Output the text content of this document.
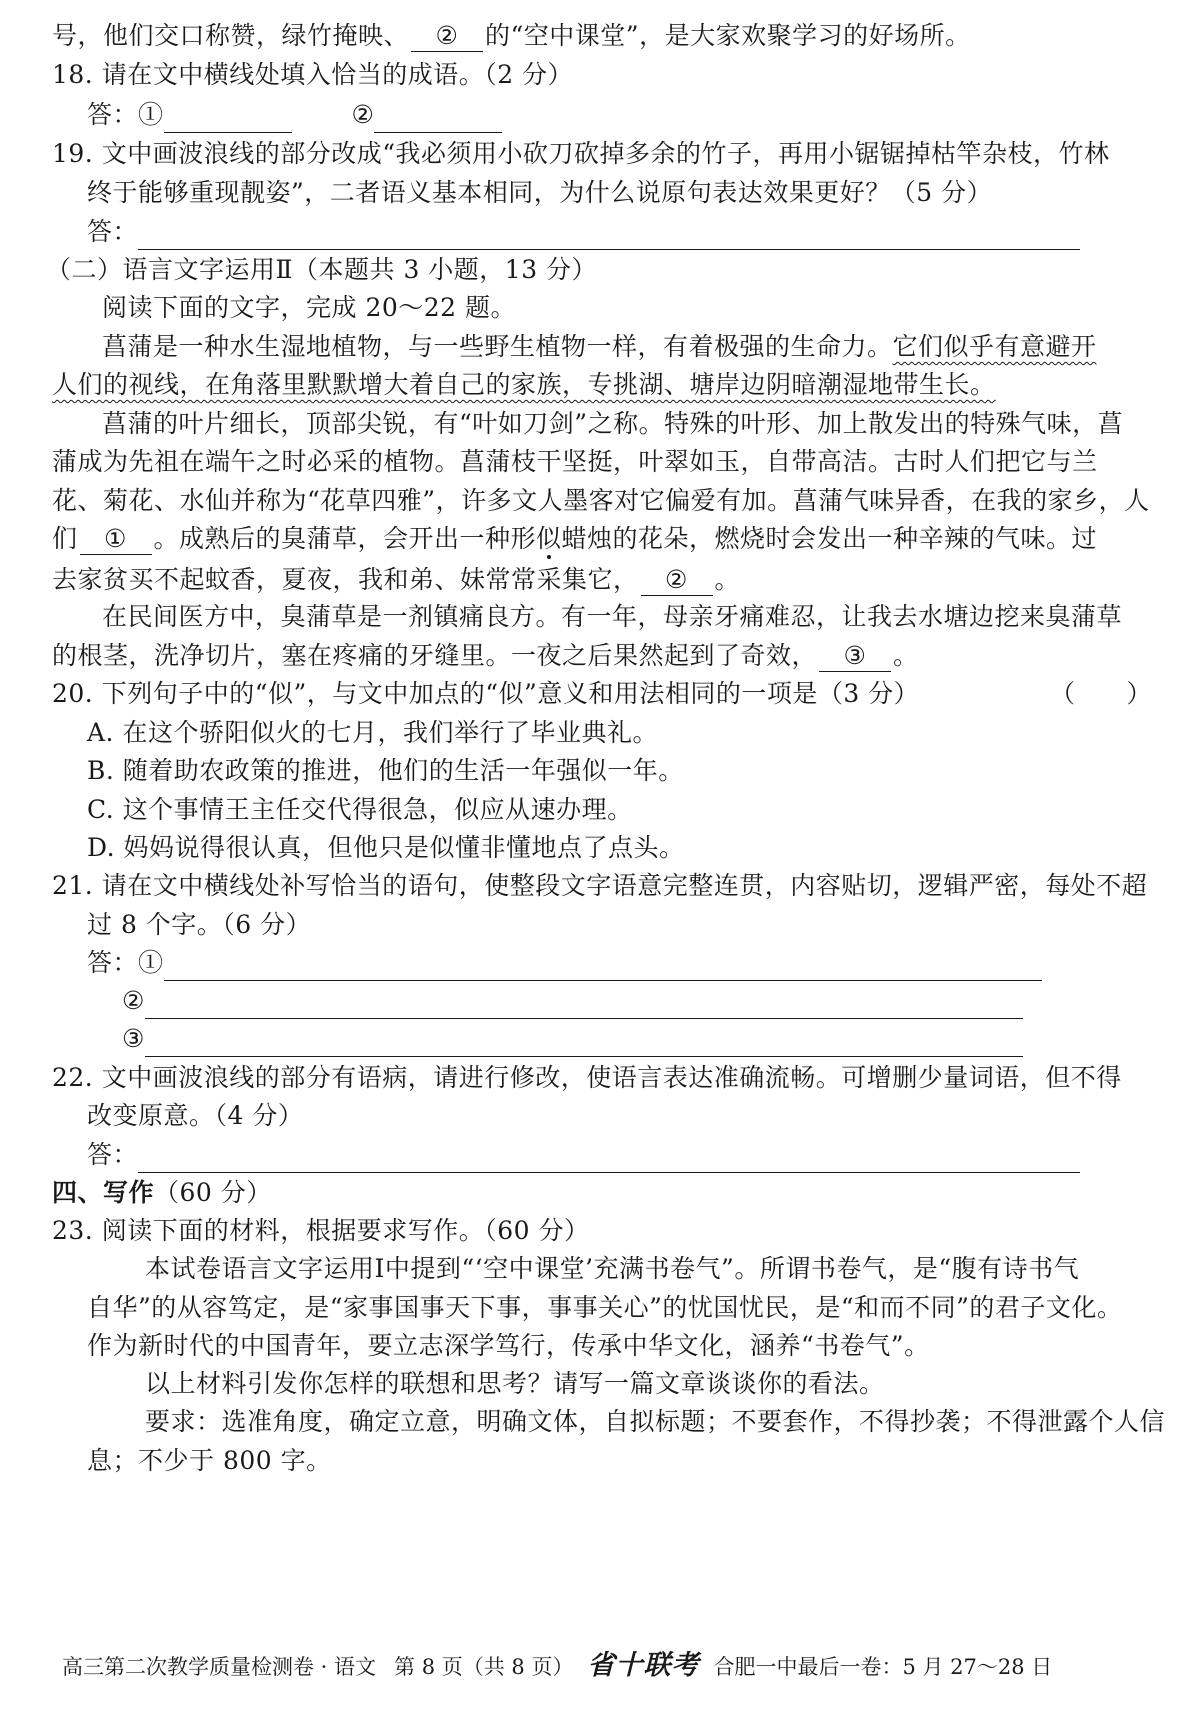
号，他们交口称赞，绿竹掩映、 ② 的“空中课堂”，是大家欢聚学习的好场所。
18. 请在文中横线处填入恰当的成语。（2 分）
答：①	②
19. 文中画波浪线的部分改成“我必须用小砍刀砍掉多余的竹子，再用小锯锯掉枯竿杂枝，竹林
终于能够重现靓姿”，二者语义基本相同，为什么说原句表达效果更好？（5 分）
答：
（二）语言文字运用Ⅱ（本题共 3 小题，13 分）
阅读下面的文字，完成 20～22 题。
菖蒲是一种水生湿地植物，与一些野生植物一样，有着极强的生命力。它们似乎有意避开
人们的视线，在角落里默默增大着自己的家族，专挑湖、塘岸边阴暗潮湿地带生长。
菖蒲的叶片细长，顶部尖锐，有“叶如刀剑”之称。特殊的叶形、加上散发出的特殊气味，菖
蒲成为先祖在端午之时必采的植物。菖蒲枝干坚挺，叶翠如玉，自带高洁。古时人们把它与兰
花、菊花、水仙并称为“花草四雅”，许多文人墨客对它偏爱有加。菖蒲气味异香，在我的家乡，人
们 ① 。成熟后的臭蒲草，会开出一种形似蜡烛的花朵，燃烧时会发出一种辛辣的气味。过
去家贫买不起蚊香，夏夜，我和弟、妹常常采集它， ② 。
在民间医方中，臭蒲草是一剂镇痛良方。有一年，母亲牙痛难忍，让我去水塘边挖来臭蒲草
的根茎，洗净切片，塞在疼痛的牙缝里。一夜之后果然起到了奇效， ③ 。
20. 下列句子中的“似”，与文中加点的“似”意义和用法相同的一项是（3 分）	（　　）
A. 在这个骄阳似火的七月，我们举行了毕业典礼。
B. 随着助农政策的推进，他们的生活一年强似一年。
C. 这个事情王主任交代得很急，似应从速办理。
D. 妈妈说得很认真，但他只是似懂非懂地点了点头。
21. 请在文中横线处补写恰当的语句，使整段文字语意完整连贯，内容贴切，逻辑严密，每处不超
过 8 个字。（6 分）
答：①
②
③
22. 文中画波浪线的部分有语病，请进行修改，使语言表达准确流畅。可增删少量词语，但不得
改变原意。（4 分）
答：
四、写作（60 分）
23. 阅读下面的材料，根据要求写作。（60 分）
本试卷语言文字运用Ⅰ中提到“‘空中课堂’充满书卷气”。所谓书卷气，是“腹有诗书气
自华”的从容笃定，是“家事国事天下事，事事关心”的忧国忧民，是“和而不同”的君子文化。
作为新时代的中国青年，要立志深学笃行，传承中华文化，涵养“书卷气”。
以上材料引发你怎样的联想和思考？请写一篇文章谈谈你的看法。
要求：选准角度，确定立意，明确文体，自拟标题；不要套作，不得抄袭；不得泄露个人信
息；不少于 800 字。
高三第二次教学质量检测卷 · 语文 第 8 页（共 8 页） 省十联考 合肥一中最后一卷：5 月 27～28 日
